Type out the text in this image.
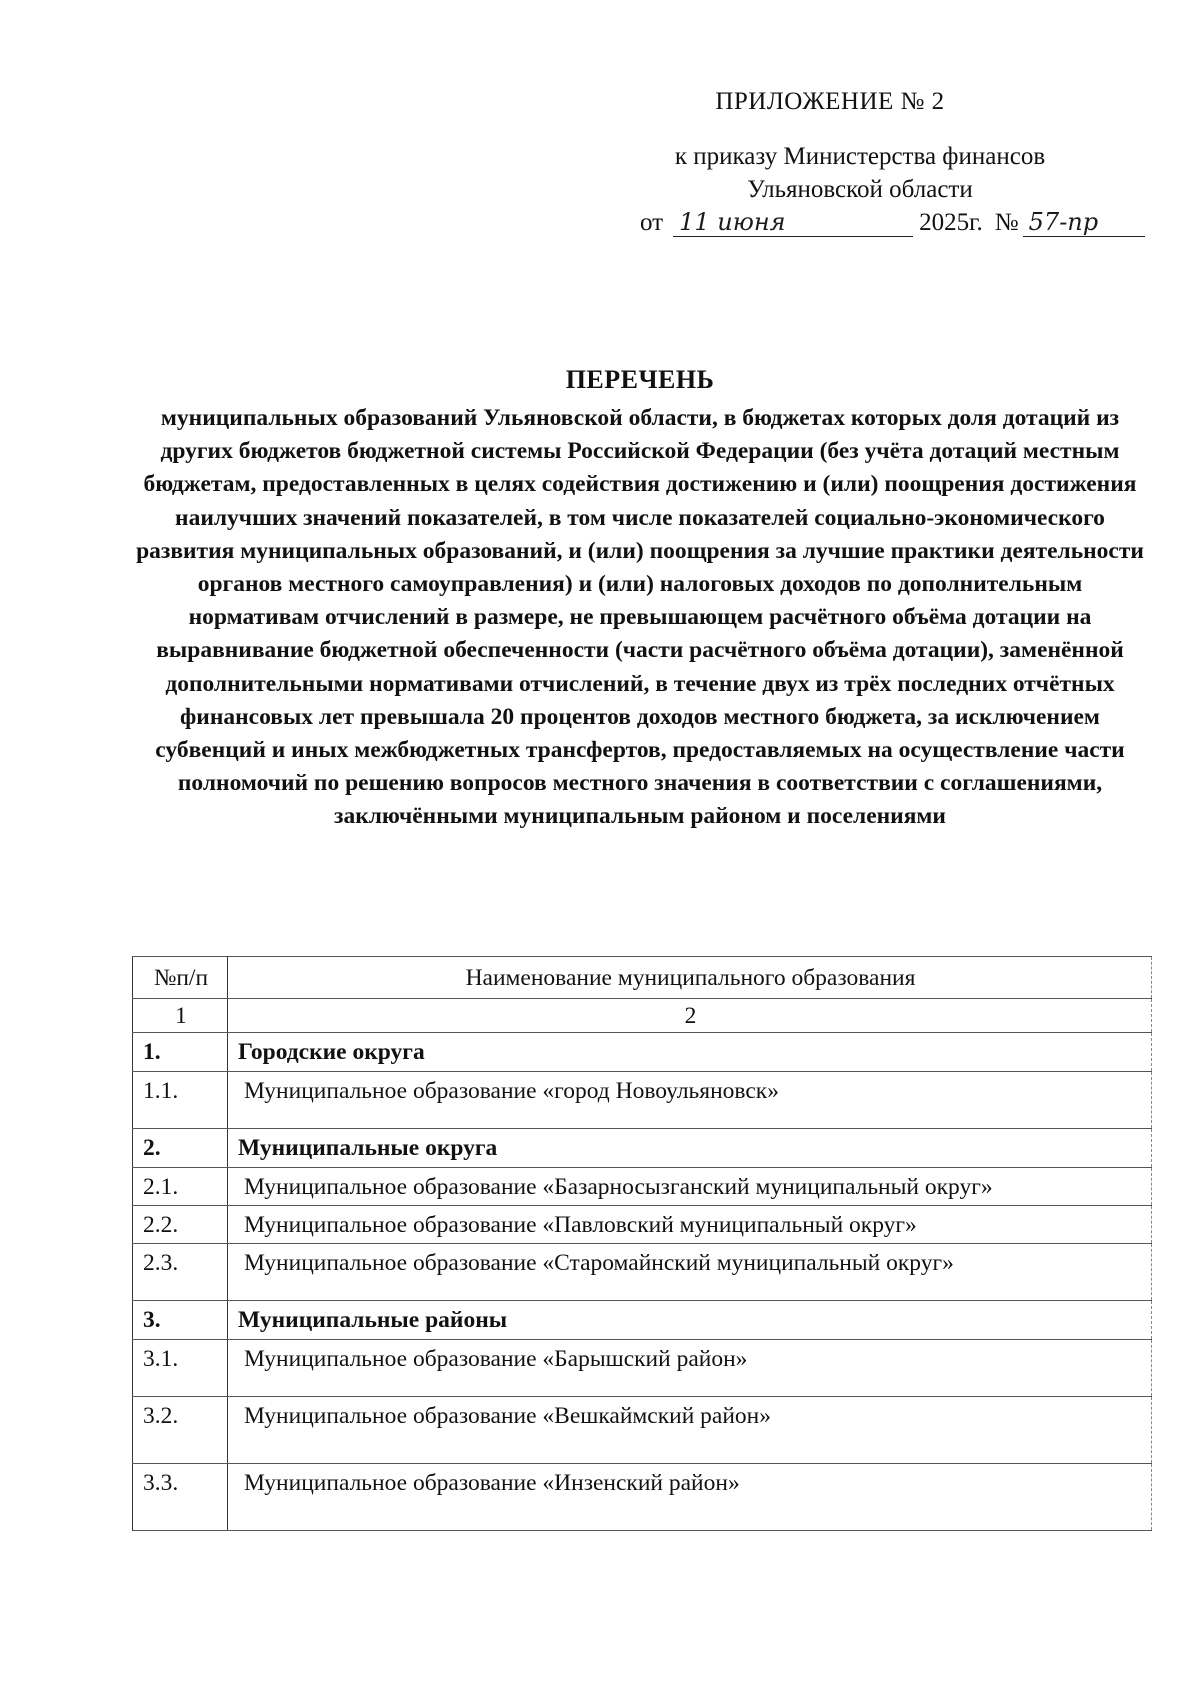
ПРИЛОЖЕНИЕ № 2
к приказу Министерства финансов
Ульяновской области
от 11 июня	2025г. № 57-пр
ПЕРЕЧЕНЬ
муниципальных образований Ульяновской области, в бюджетах которых доля дотаций из других бюджетов бюджетной системы Российской Федерации (без учёта дотаций местным бюджетам, предоставленных в целях содействия достижению и (или) поощрения достижения наилучших значений показателей, в том числе показателей социально-экономического развития муниципальных образований, и (или) поощрения за лучшие практики деятельности органов местного самоуправления) и (или) налоговых доходов по дополнительным нормативам отчислений в размере, не превышающем расчётного объёма дотации на выравнивание бюджетной обеспеченности (части расчётного объёма дотации), заменённой дополнительными нормативами отчислений, в течение двух из трёх последних отчётных финансовых лет превышала 20 процентов доходов местного бюджета, за исключением субвенций и иных межбюджетных трансфертов, предоставляемых на осуществление части полномочий по решению вопросов местного значения в соответствии с соглашениями, заключёнными муниципальным районом и поселениями
№п/п	Наименование муниципального образования
1	2
1.	Городские округа
1.1.	Муниципальное образование «город Новоульяновск»
2.	Муниципальные округа
2.1.	Муниципальное образование «Базарносызганский муниципальный округ»
2.2.	Муниципальное образование «Павловский муниципальный округ»
2.3.	Муниципальное образование «Старомайнский муниципальный округ»
3.	Муниципальные районы
3.1.	Муниципальное образование «Барышский район»
3.2.	Муниципальное образование «Вешкаймский район»
3.3.	Муниципальное образование «Инзенский район»
